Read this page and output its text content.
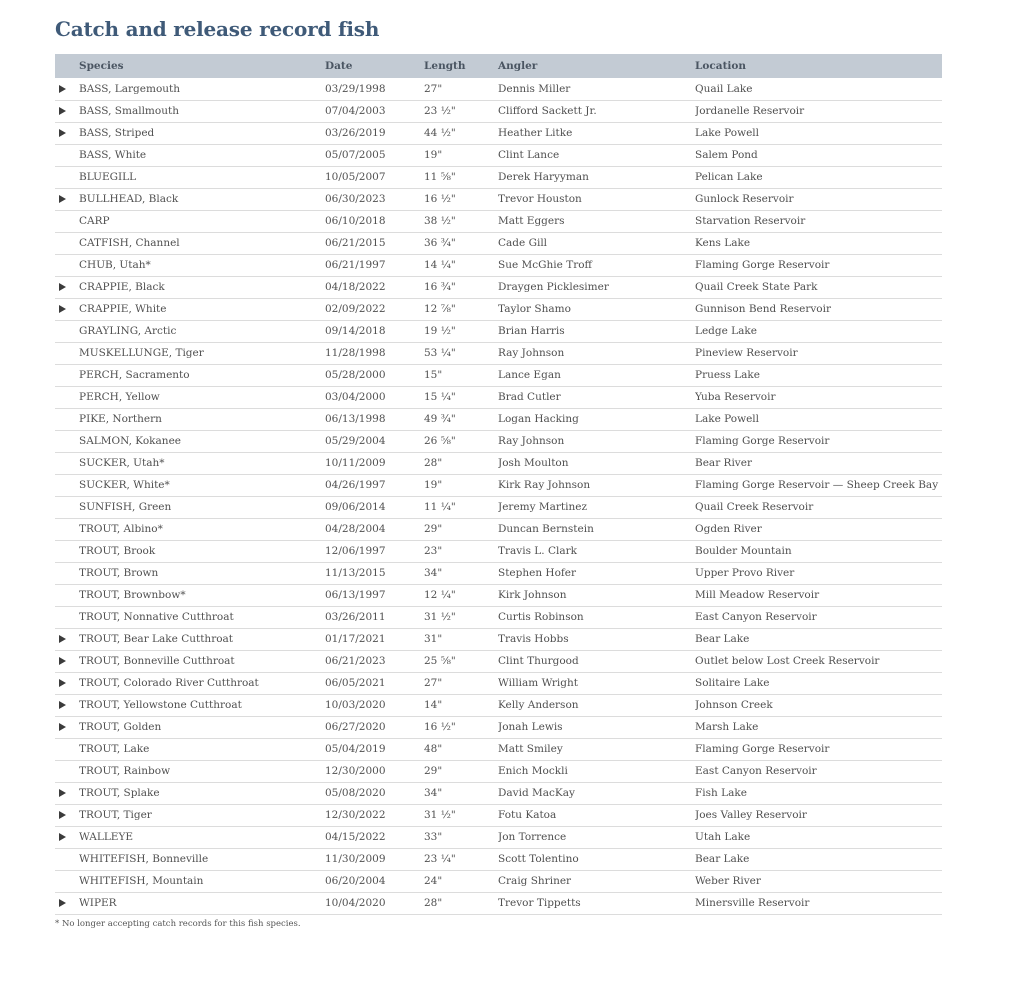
Catch and release record fish
	Species	Date	Length	Angler	Location
	BASS, Largemouth	03/29/1998	27"	Dennis Miller	Quail Lake
	BASS, Smallmouth	07/04/2003	23 ½"	Clifford Sackett Jr.	Jordanelle Reservoir
	BASS, Striped	03/26/2019	44 ½"	Heather Litke	Lake Powell
	BASS, White	05/07/2005	19"	Clint Lance	Salem Pond
	BLUEGILL	10/05/2007	11 ⅝"	Derek Haryyman	Pelican Lake
	BULLHEAD, Black	06/30/2023	16 ½"	Trevor Houston	Gunlock Reservoir
	CARP	06/10/2018	38 ½"	Matt Eggers	Starvation Reservoir
	CATFISH, Channel	06/21/2015	36 ¾"	Cade Gill	Kens Lake
	CHUB, Utah*	06/21/1997	14 ¼"	Sue McGhie Troff	Flaming Gorge Reservoir
	CRAPPIE, Black	04/18/2022	16 ¾"	Draygen Picklesimer	Quail Creek State Park
	CRAPPIE, White	02/09/2022	12 ⅞"	Taylor Shamo	Gunnison Bend Reservoir
	GRAYLING, Arctic	09/14/2018	19 ½"	Brian Harris	Ledge Lake
	MUSKELLUNGE, Tiger	11/28/1998	53 ¼"	Ray Johnson	Pineview Reservoir
	PERCH, Sacramento	05/28/2000	15"	Lance Egan	Pruess Lake
	PERCH, Yellow	03/04/2000	15 ¼"	Brad Cutler	Yuba Reservoir
	PIKE, Northern	06/13/1998	49 ¾"	Logan Hacking	Lake Powell
	SALMON, Kokanee	05/29/2004	26 ⅝"	Ray Johnson	Flaming Gorge Reservoir
	SUCKER, Utah*	10/11/2009	28"	Josh Moulton	Bear River
	SUCKER, White*	04/26/1997	19"	Kirk Ray Johnson	Flaming Gorge Reservoir — Sheep Creek Bay
	SUNFISH, Green	09/06/2014	11 ¼"	Jeremy Martinez	Quail Creek Reservoir
	TROUT, Albino*	04/28/2004	29"	Duncan Bernstein	Ogden River
	TROUT, Brook	12/06/1997	23"	Travis L. Clark	Boulder Mountain
	TROUT, Brown	11/13/2015	34"	Stephen Hofer	Upper Provo River
	TROUT, Brownbow*	06/13/1997	12 ¼"	Kirk Johnson	Mill Meadow Reservoir
	TROUT, Nonnative Cutthroat	03/26/2011	31 ½"	Curtis Robinson	East Canyon Reservoir
	TROUT, Bear Lake Cutthroat	01/17/2021	31"	Travis Hobbs	Bear Lake
	TROUT, Bonneville Cutthroat	06/21/2023	25 ⅝"	Clint Thurgood	Outlet below Lost Creek Reservoir
	TROUT, Colorado River Cutthroat	06/05/2021	27"	William Wright	Solitaire Lake
	TROUT, Yellowstone Cutthroat	10/03/2020	14"	Kelly Anderson	Johnson Creek
	TROUT, Golden	06/27/2020	16 ½"	Jonah Lewis	Marsh Lake
	TROUT, Lake	05/04/2019	48"	Matt Smiley	Flaming Gorge Reservoir
	TROUT, Rainbow	12/30/2000	29"	Enich Mockli	East Canyon Reservoir
	TROUT, Splake	05/08/2020	34"	David MacKay	Fish Lake
	TROUT, Tiger	12/30/2022	31 ½"	Fotu Katoa	Joes Valley Reservoir
	WALLEYE	04/15/2022	33"	Jon Torrence	Utah Lake
	WHITEFISH, Bonneville	11/30/2009	23 ¼"	Scott Tolentino	Bear Lake
	WHITEFISH, Mountain	06/20/2004	24"	Craig Shriner	Weber River
	WIPER	10/04/2020	28"	Trevor Tippetts	Minersville Reservoir

* No longer accepting catch records for this fish species.
